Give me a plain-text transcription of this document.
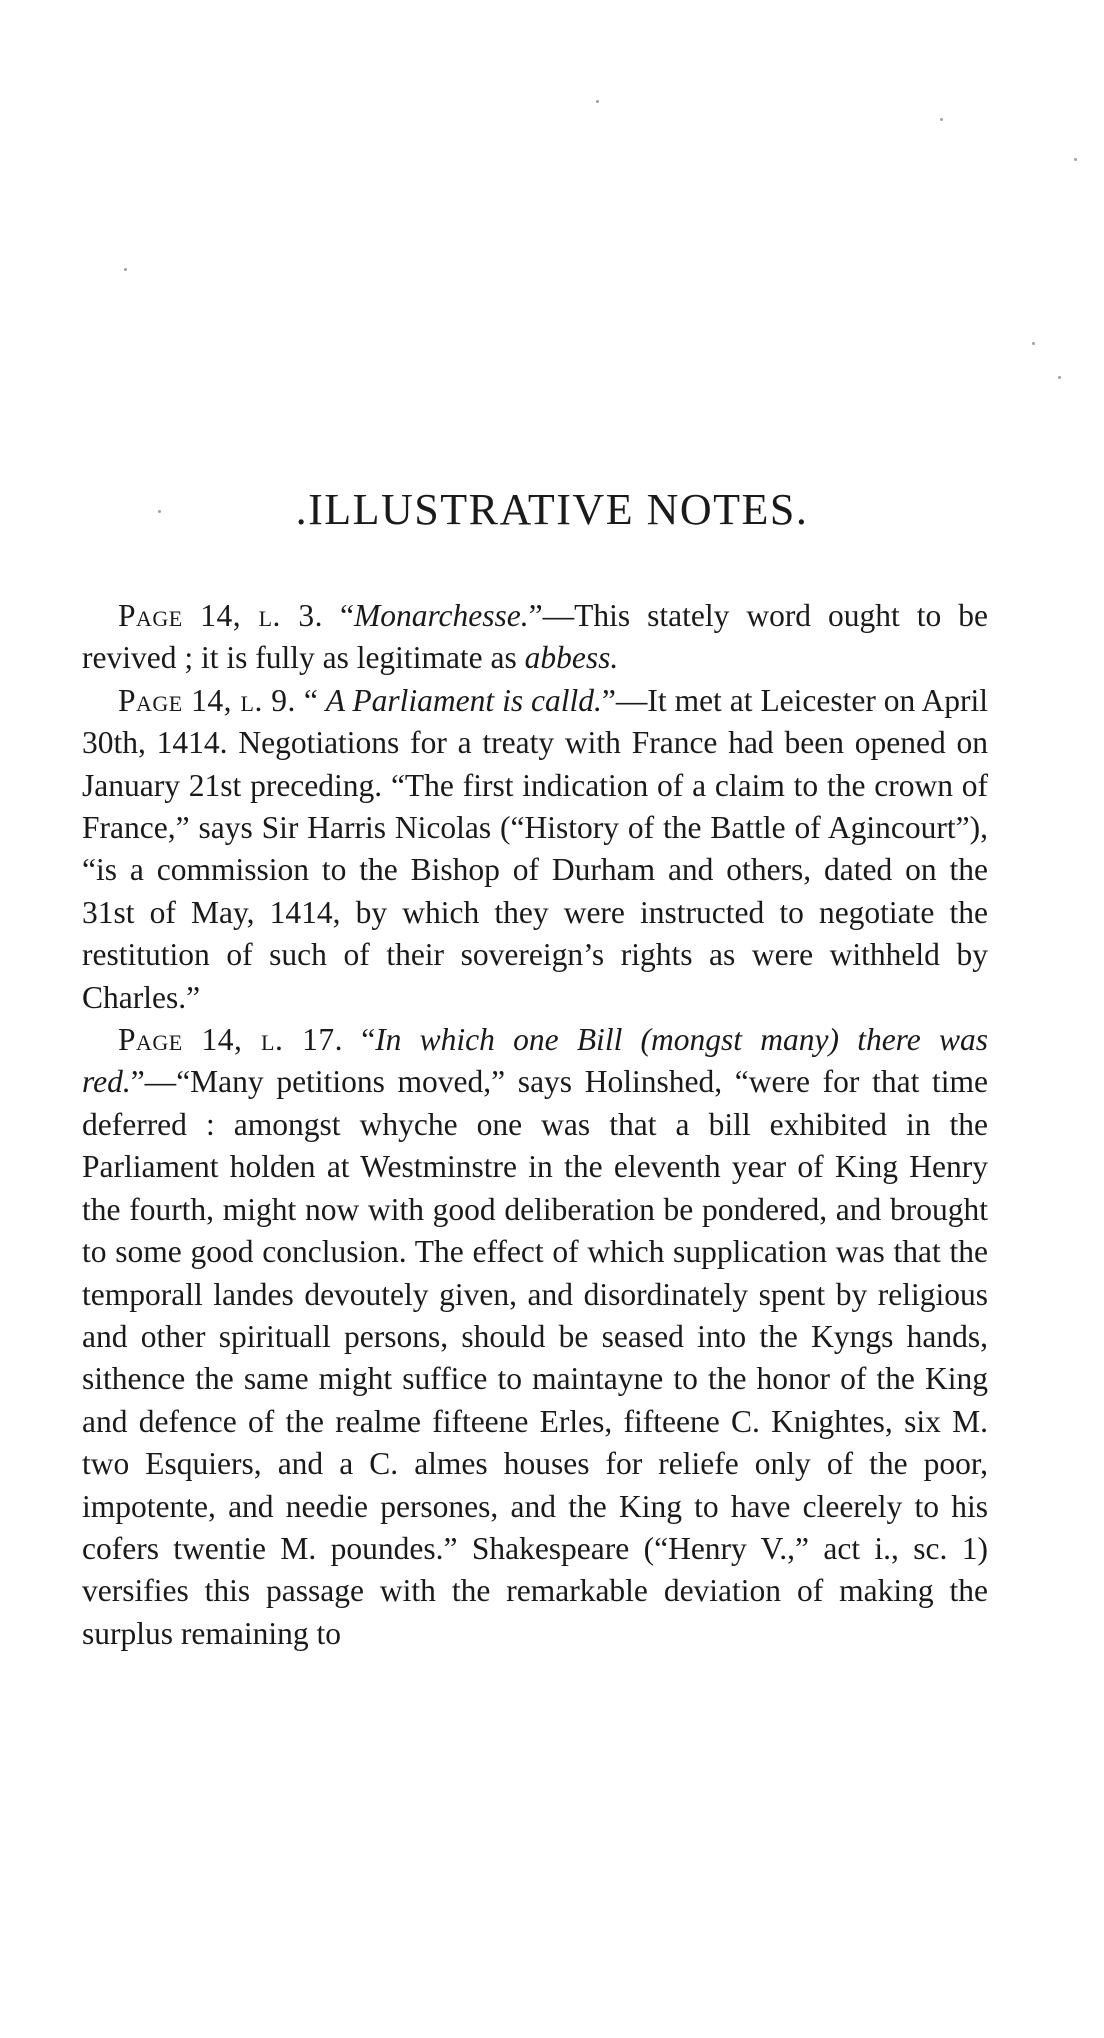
.ILLUSTRATIVE NOTES.

Page 14, l. 3. “Monarchesse.”—This stately word ought to be revived ; it is fully as legitimate as abbess.

Page 14, l. 9. “ A Parliament is calld.”—It met at Leicester on April 30th, 1414. Negotiations for a treaty with France had been opened on January 21st preceding. “The first indication of a claim to the crown of France,” says Sir Harris Nicolas (“History of the Battle of Agincourt”), “is a commission to the Bishop of Durham and others, dated on the 31st of May, 1414, by which they were instructed to negotiate the restitution of such of their sovereign’s rights as were withheld by Charles.”

Page 14, l. 17. “In which one Bill (mongst many) there was red.”—“Many petitions moved,” says Holinshed, “were for that time deferred : amongst whyche one was that a bill exhibited in the Parliament holden at Westminstre in the eleventh year of King Henry the fourth, might now with good deliberation be pondered, and brought to some good conclusion. The effect of which supplication was that the temporall landes devoutely given, and disordinately spent by religious and other spirituall persons, should be seased into the Kyngs hands, sithence the same might suffice to maintayne to the honor of the King and defence of the realme fifteene Erles, fifteene C. Knightes, six M. two Esquiers, and a C. almes houses for reliefe only of the poor, impotente, and needie persones, and the King to have cleerely to his cofers twentie M. poundes.” Shakespeare (“Henry V.,” act i., sc. 1) versifies this passage with the remarkable deviation of making the surplus remaining to
